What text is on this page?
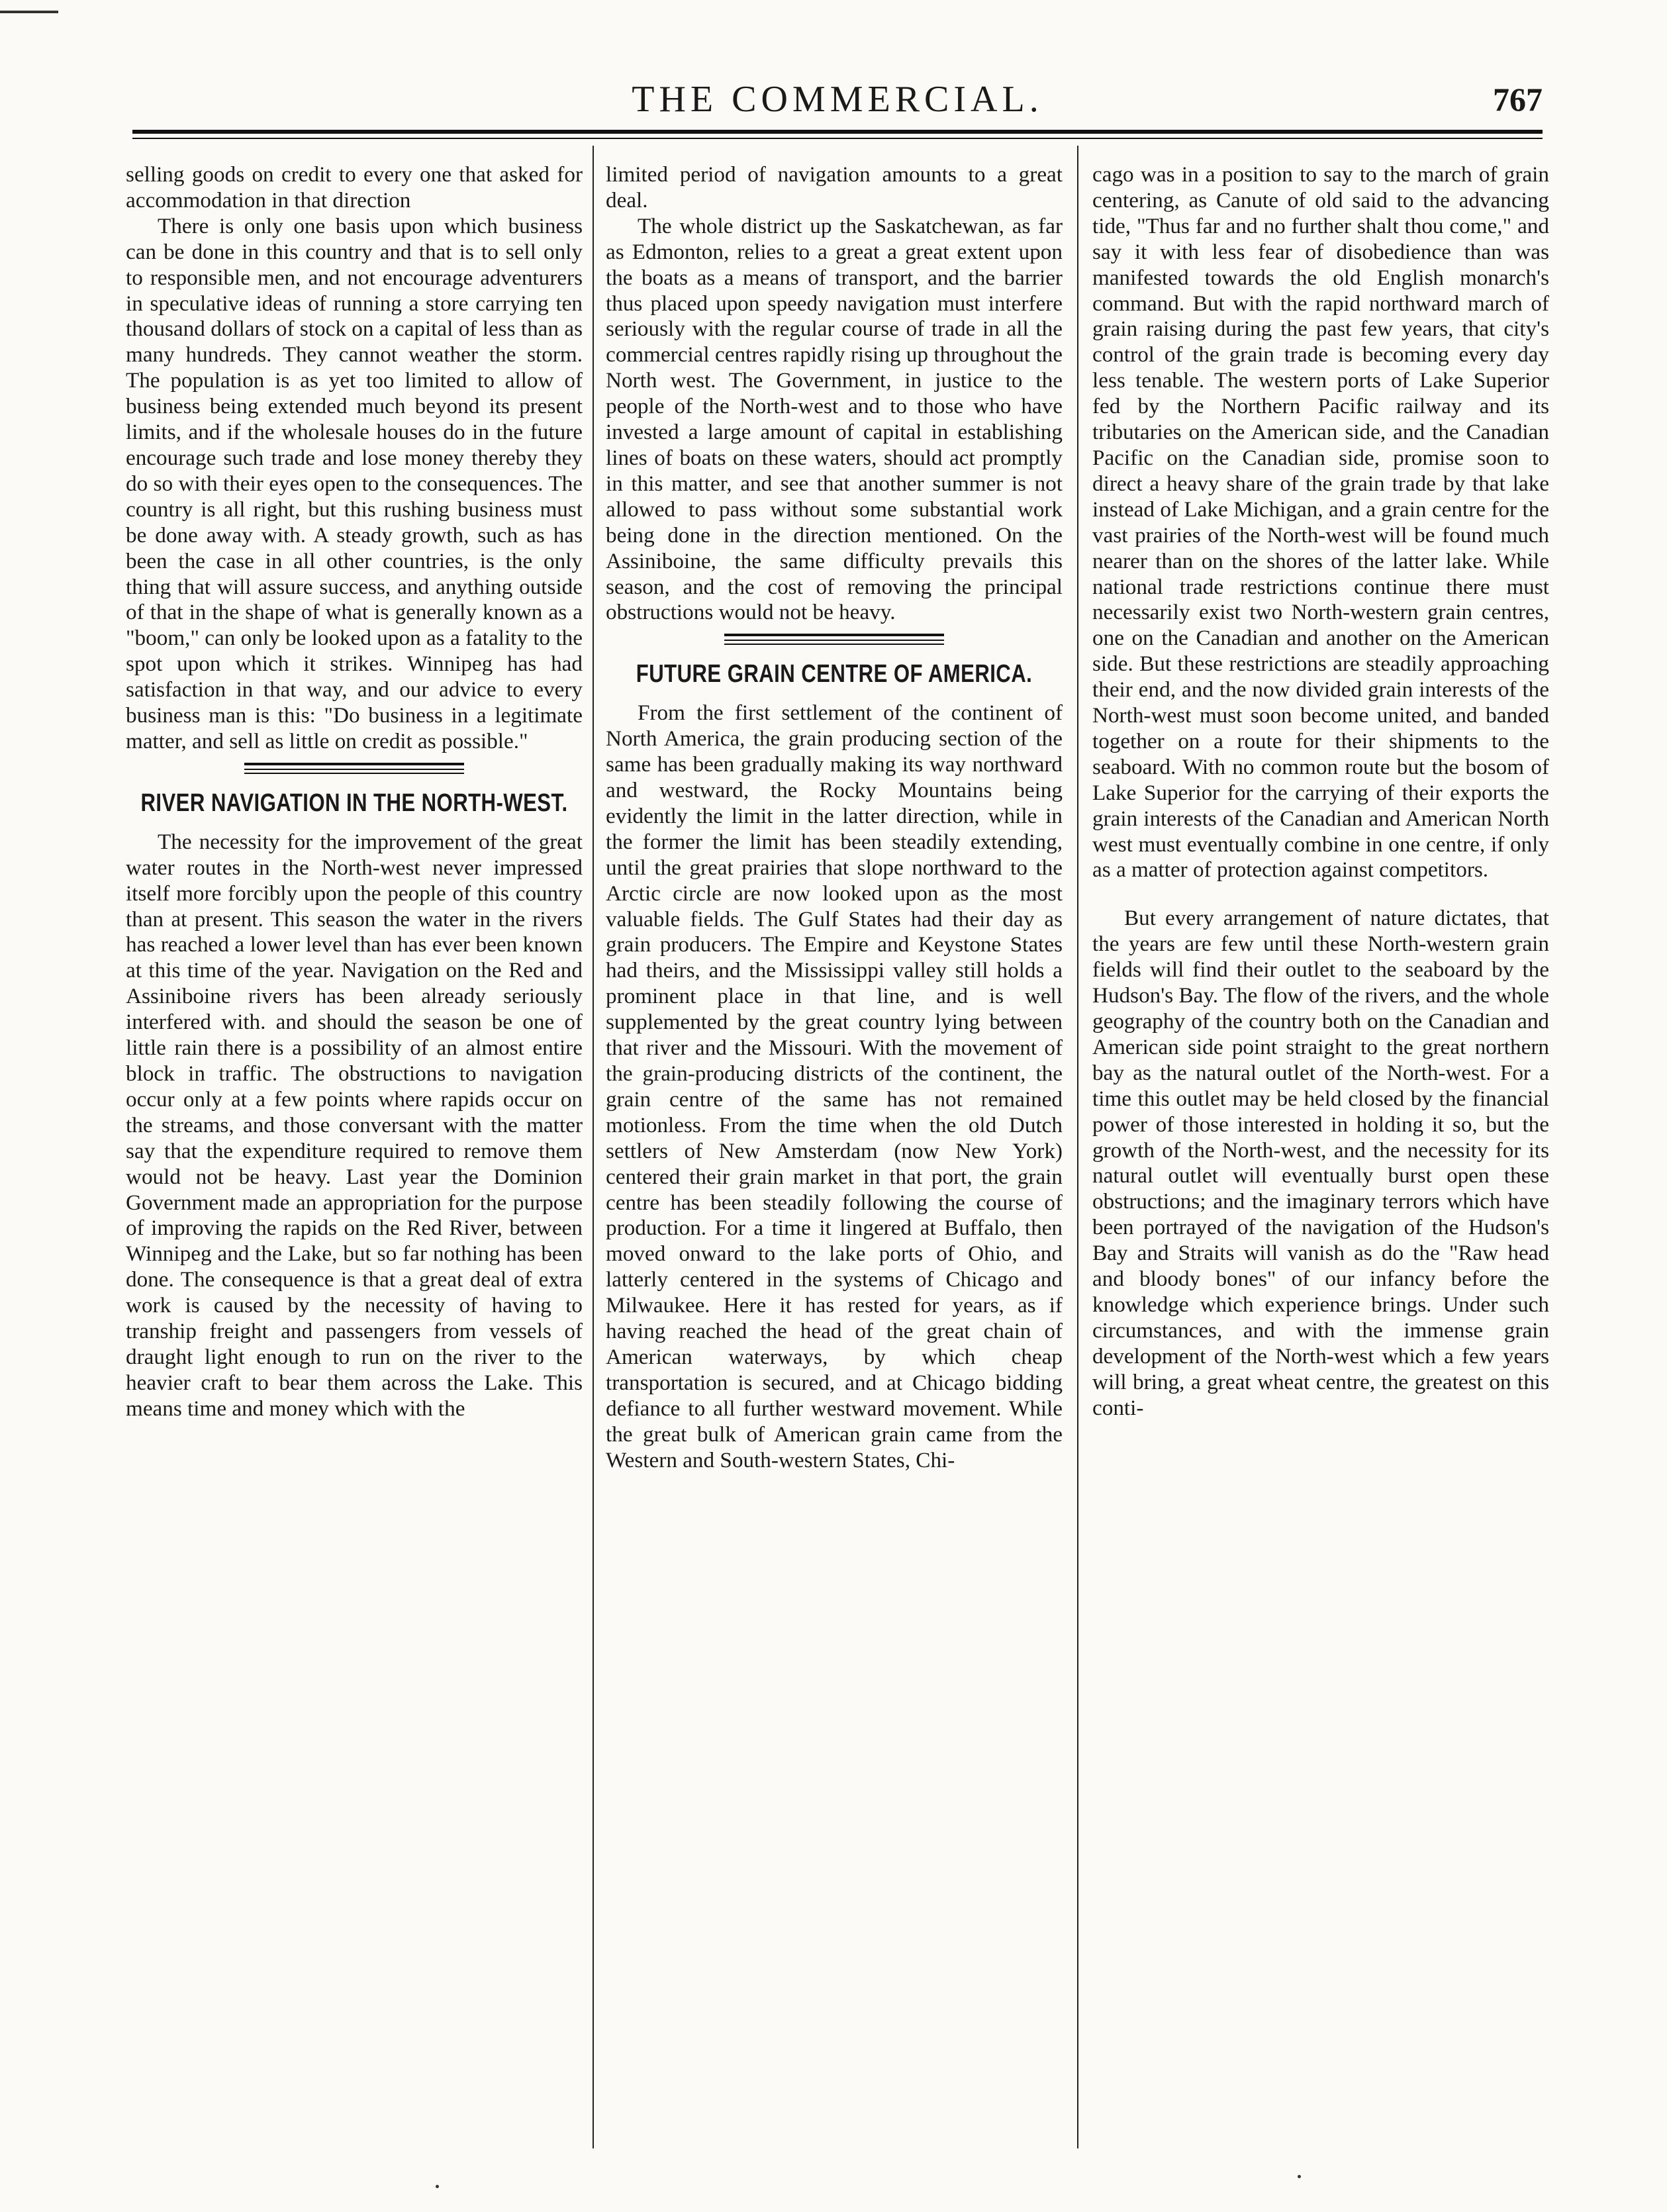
THE COMMERCIAL.	767

selling goods on credit to every one that asked for accommodation in that direction

There is only one basis upon which business can be done in this country and that is to sell only to responsible men, and not encourage adventurers in speculative ideas of running a store carrying ten thousand dollars of stock on a capital of less than as many hundreds. They cannot weather the storm. The population is as yet too limited to allow of business being extended much beyond its present limits, and if the wholesale houses do in the future encourage such trade and lose money thereby they do so with their eyes open to the consequences. The country is all right, but this rushing business must be done away with. A steady growth, such as has been the case in all other countries, is the only thing that will assure success, and anything outside of that in the shape of what is generally known as a "boom," can only be looked upon as a fatality to the spot upon which it strikes. Winnipeg has had satisfaction in that way, and our advice to every business man is this: "Do business in a legitimate matter, and sell as little on credit as possible."

RIVER NAVIGATION IN THE NORTH-WEST.

The necessity for the improvement of the great water routes in the North-west never impressed itself more forcibly upon the people of this country than at present. This season the water in the rivers has reached a lower level than has ever been known at this time of the year. Navigation on the Red and Assiniboine rivers has been already seriously interfered with. and should the season be one of little rain there is a possibility of an almost entire block in traffic. The obstructions to navigation occur only at a few points where rapids occur on the streams, and those conversant with the matter say that the expenditure required to remove them would not be heavy. Last year the Dominion Government made an appropriation for the purpose of improving the rapids on the Red River, between Winnipeg and the Lake, but so far nothing has been done. The consequence is that a great deal of extra work is caused by the necessity of having to tranship freight and passengers from vessels of draught light enough to run on the river to the heavier craft to bear them across the Lake. This means time and money which with the

limited period of navigation amounts to a great deal.

The whole district up the Saskatchewan, as far as Edmonton, relies to a great a great extent upon the boats as a means of transport, and the barrier thus placed upon speedy navigation must interfere seriously with the regular course of trade in all the commercial centres rapidly rising up throughout the North west. The Government, in justice to the people of the North-west and to those who have invested a large amount of capital in establishing lines of boats on these waters, should act promptly in this matter, and see that another summer is not allowed to pass without some substantial work being done in the direction mentioned. On the Assiniboine, the same difficulty prevails this season, and the cost of removing the principal obstructions would not be heavy.

FUTURE GRAIN CENTRE OF AMERICA.

From the first settlement of the continent of North America, the grain producing section of the same has been gradually making its way northward and westward, the Rocky Mountains being evidently the limit in the latter direction, while in the former the limit has been steadily extending, until the great prairies that slope northward to the Arctic circle are now looked upon as the most valuable fields. The Gulf States had their day as grain producers. The Empire and Keystone States had theirs, and the Mississippi valley still holds a prominent place in that line, and is well supplemented by the great country lying between that river and the Missouri. With the movement of the grain-producing districts of the continent, the grain centre of the same has not remained motionless. From the time when the old Dutch settlers of New Amsterdam (now New York) centered their grain market in that port, the grain centre has been steadily following the course of production. For a time it lingered at Buffalo, then moved onward to the lake ports of Ohio, and latterly centered in the systems of Chicago and Milwaukee. Here it has rested for years, as if having reached the head of the great chain of American waterways, by which cheap transportation is secured, and at Chicago bidding defiance to all further westward movement. While the great bulk of American grain came from the Western and South-western States, Chi-

cago was in a position to say to the march of grain centering, as Canute of old said to the advancing tide, "Thus far and no further shalt thou come," and say it with less fear of disobedience than was manifested towards the old English monarch's command. But with the rapid northward march of grain raising during the past few years, that city's control of the grain trade is becoming every day less tenable. The western ports of Lake Superior fed by the Northern Pacific railway and its tributaries on the American side, and the Canadian Pacific on the Canadian side, promise soon to direct a heavy share of the grain trade by that lake instead of Lake Michigan, and a grain centre for the vast prairies of the North-west will be found much nearer than on the shores of the latter lake. While national trade restrictions continue there must necessarily exist two North-western grain centres, one on the Canadian and another on the American side. But these restrictions are steadily approaching their end, and the now divided grain interests of the North-west must soon become united, and banded together on a route for their shipments to the seaboard. With no common route but the bosom of Lake Superior for the carrying of their exports the grain interests of the Canadian and American North west must eventually combine in one centre, if only as a matter of protection against competitors.

But every arrangement of nature dictates, that the years are few until these North-western grain fields will find their outlet to the seaboard by the Hudson's Bay. The flow of the rivers, and the whole geography of the country both on the Canadian and American side point straight to the great northern bay as the natural outlet of the North-west. For a time this outlet may be held closed by the financial power of those interested in holding it so, but the growth of the North-west, and the necessity for its natural outlet will eventually burst open these obstructions; and the imaginary terrors which have been portrayed of the navigation of the Hudson's Bay and Straits will vanish as do the "Raw head and bloody bones" of our infancy before the knowledge which experience brings. Under such circumstances, and with the immense grain development of the North-west which a few years will bring, a great wheat centre, the greatest on this conti-
